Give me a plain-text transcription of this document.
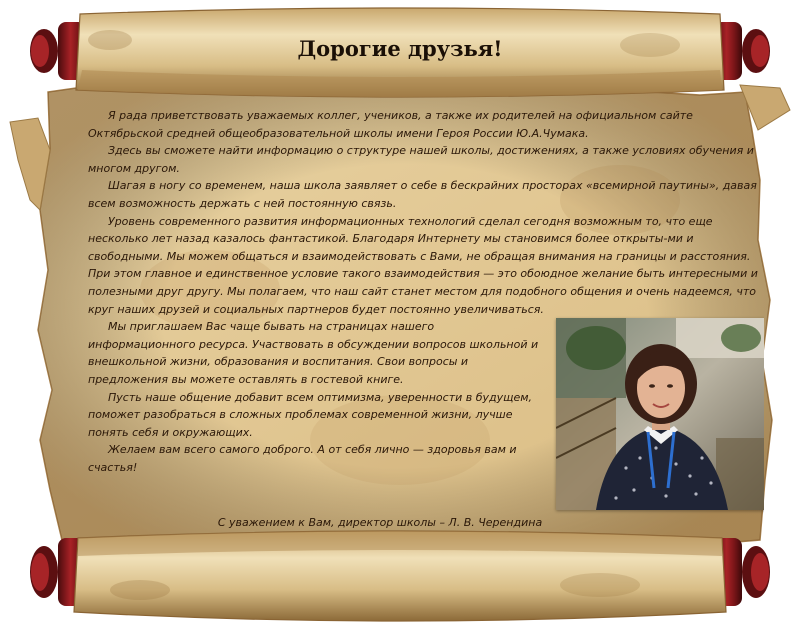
Дорогие друзья!

Я рада приветствовать уважаемых коллег, учеников, а также их родителей на официальном сайте Октябрьской средней общеобразовательной школы имени Героя России Ю.А.Чумака.

Здесь вы сможете найти информацию о структуре нашей школы, достижениях, а также условиях обучения и многом другом.

Шагая в ногу со временем, наша школа заявляет о себе в бескрайних просторах «всемирной паутины», давая всем возможность держать с ней постоянную связь.

Уровень современного развития информационных технологий сделал сегодня возможным то, что еще несколько лет назад казалось фантастикой. Благодаря Интернету мы становимся более открыты-ми и свободными. Мы можем общаться и взаимодействовать с Вами, не обращая внимания на границы и расстояния. При этом главное и единственное условие такого взаимодействия — это обоюдное желание быть интересными и полезными друг другу. Мы полагаем, что наш сайт станет местом для подобного общения и очень надеемся, что круг наших друзей и социальных партнеров будет постоянно увеличиваться.

Мы приглашаем Вас чаще бывать на страницах нашего информационного ресурса. Участвовать в обсуждении вопросов школьной и внешкольной жизни, образования и воспитания. Свои вопросы и предложения вы можете оставлять в гостевой книге.

Пусть наше общение добавит всем оптимизма, уверенности в будущем, поможет разобраться в сложных проблемах современной жизни, лучше понять себя и окружающих.

Желаем вам всего самого доброго. А от себя лично — здоровья вам и счастья!

С уважением к Вам, директор школы – Л. В. Черендина
